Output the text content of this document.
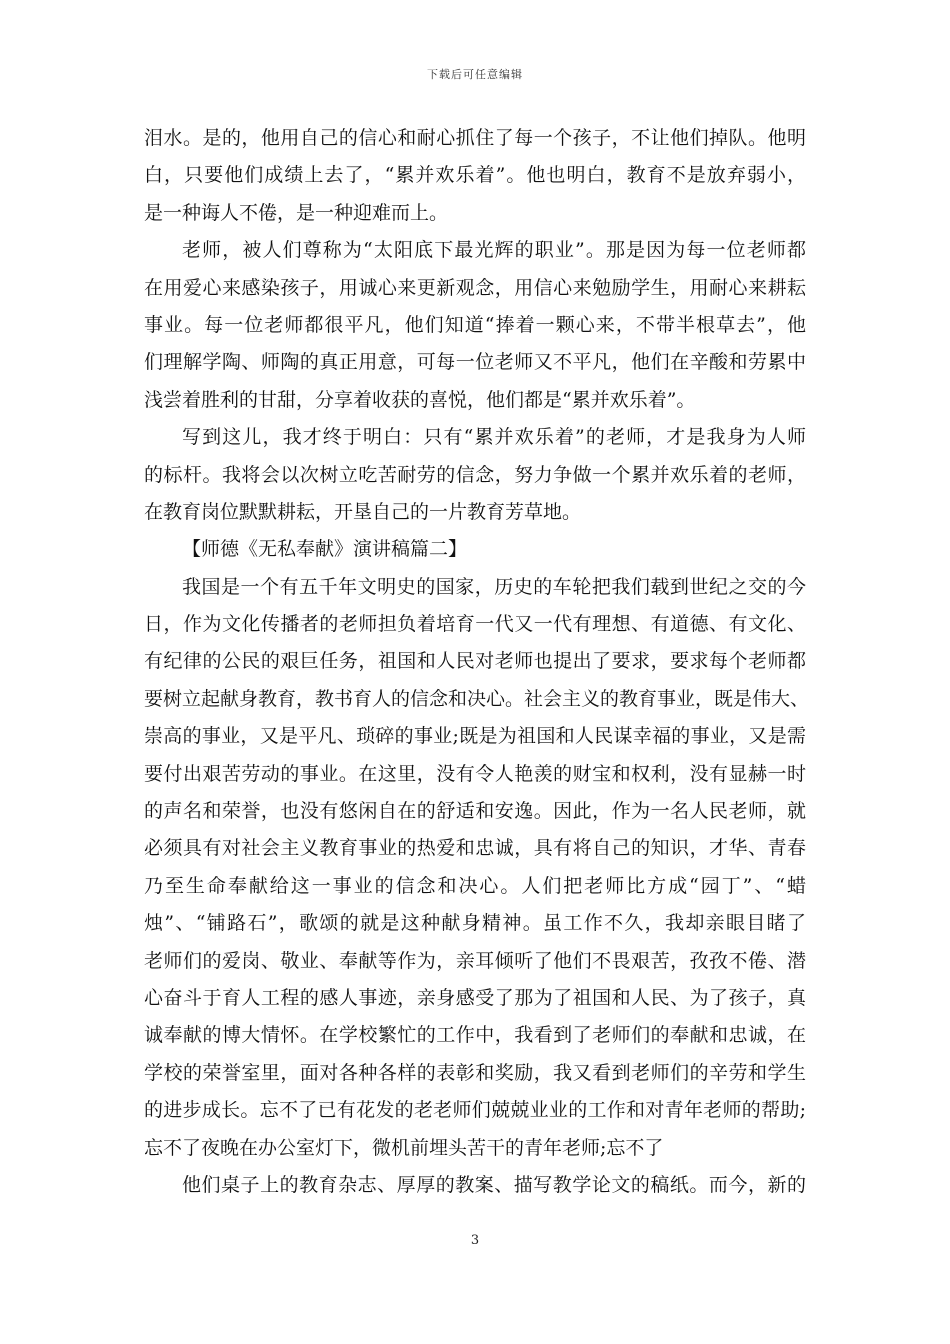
下载后可任意编辑
泪水。是的，他用自己的信心和耐心抓住了每一个孩子，不让他们掉队。他明
白，只要他们成绩上去了，“累并欢乐着”。他也明白，教育不是放弃弱小，
是一种诲人不倦，是一种迎难而上。
老师，被人们尊称为“太阳底下最光辉的职业”。那是因为每一位老师都
在用爱心来感染孩子，用诚心来更新观念，用信心来勉励学生，用耐心来耕耘
事业。每一位老师都很平凡，他们知道“捧着一颗心来，不带半根草去”，他
们理解学陶、师陶的真正用意，可每一位老师又不平凡，他们在辛酸和劳累中
浅尝着胜利的甘甜，分享着收获的喜悦，他们都是“累并欢乐着”。
写到这儿，我才终于明白：只有“累并欢乐着”的老师，才是我身为人师
的标杆。我将会以次树立吃苦耐劳的信念，努力争做一个累并欢乐着的老师，
在教育岗位默默耕耘，开垦自己的一片教育芳草地。
【师德《无私奉献》演讲稿篇二】
我国是一个有五千年文明史的国家，历史的车轮把我们载到世纪之交的今
日，作为文化传播者的老师担负着培育一代又一代有理想、有道德、有文化、
有纪律的公民的艰巨任务，祖国和人民对老师也提出了要求，要求每个老师都
要树立起献身教育，教书育人的信念和决心。社会主义的教育事业，既是伟大、
崇高的事业，又是平凡、琐碎的事业;既是为祖国和人民谋幸福的事业，又是需
要付出艰苦劳动的事业。在这里，没有令人艳羡的财宝和权利，没有显赫一时
的声名和荣誉，也没有悠闲自在的舒适和安逸。因此，作为一名人民老师，就
必须具有对社会主义教育事业的热爱和忠诚，具有将自己的知识，才华、青春
乃至生命奉献给这一事业的信念和决心。人们把老师比方成“园丁”、“蜡
烛”、“铺路石”，歌颂的就是这种献身精神。虽工作不久，我却亲眼目睹了
老师们的爱岗、敬业、奉献等作为，亲耳倾听了他们不畏艰苦，孜孜不倦、潜
心奋斗于育人工程的感人事迹，亲身感受了那为了祖国和人民、为了孩子，真
诚奉献的博大情怀。在学校繁忙的工作中，我看到了老师们的奉献和忠诚，在
学校的荣誉室里，面对各种各样的表彰和奖励，我又看到老师们的辛劳和学生
的进步成长。忘不了已有花发的老老师们兢兢业业的工作和对青年老师的帮助;
忘不了夜晚在办公室灯下，微机前埋头苦干的青年老师;忘不了
他们桌子上的教育杂志、厚厚的教案、描写教学论文的稿纸。而今，新的
3
